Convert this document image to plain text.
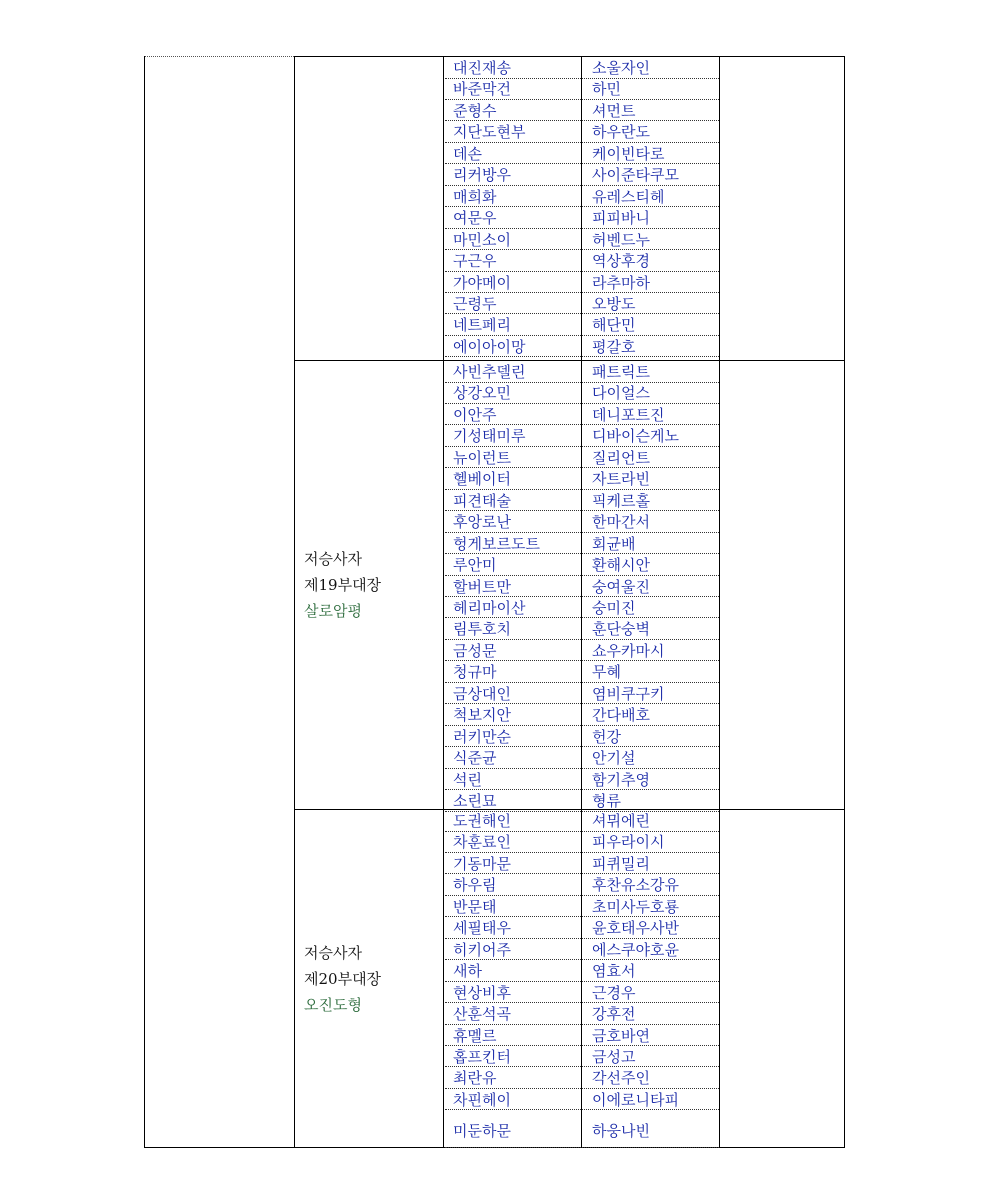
대진재송	소울자인
바준막건	하민
준형수	셔먼트
지단도현부	하우란도
데손	케이빈타로
리커방우	사이준타쿠모
매희화	유레스티헤
여문우	피피바니
마민소이	허벤드누
구근우	역상후경
가야메이	라추마하
근령두	오방도
네트페리	해단민
에이아이망	평갈호
저승사자
제19부대장
살로암평
사빈추델린	패트릭트
상강오민	다이얼스
이안주	데니포트진
기성태미루	디바이슨게노
뉴이런트	질리언트
헬베이터	자트라빈
피견태술	픽케르홀
후앙로난	한마간서
헝게보르도트	회균배
루안미	환해시안
할버트만	숭여울진
헤리마이산	숭미진
림투호치	훈단숭벽
금성문	쇼우카마시
청규마	무혜
금상대인	염비쿠구키
척보지안	간다배호
러키만순	헌강
식준균	안기설
석린	함기추영
소린묘	형류
저승사자
제20부대장
오진도형
도권해인	셔뮈에린
차훈료인	피우라이시
기동마문	피퀴밀리
하우림	후찬유소강유
반문태	초미사두호룡
세필태우	윤호태우사반
히키어주	에스쿠야호윤
새하	염효서
현상비후	근경우
산훈석곡	강후전
휴멜르	금호바연
홉프킨터	금성고
최란유	각선주인
차핀헤이	이에로니타피
미둔하문	하웅나빈
